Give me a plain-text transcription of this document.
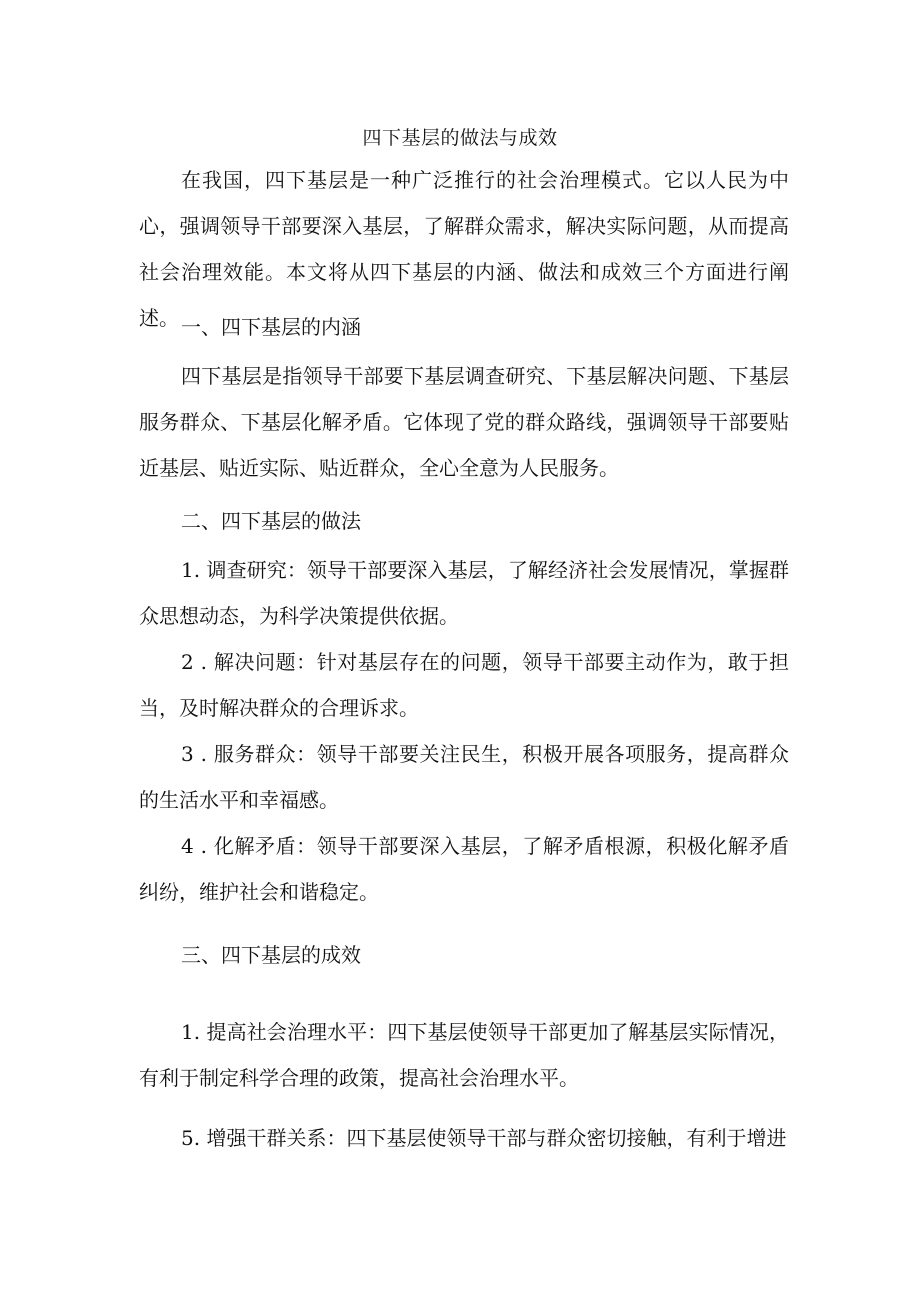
四下基层的做法与成效

在我国，四下基层是一种广泛推行的社会治理模式。它以人民为中心，强调领导干部要深入基层，了解群众需求，解决实际问题，从而提高社会治理效能。本文将从四下基层的内涵、做法和成效三个方面进行阐述。 一、四下基层的内涵

四下基层是指领导干部要下基层调查研究、下基层解决问题、下基层服务群众、下基层化解矛盾。它体现了党的群众路线，强调领导干部要贴近基层、贴近实际、贴近群众，全心全意为人民服务。

二、四下基层的做法

1. 调查研究：领导干部要深入基层，了解经济社会发展情况，掌握群众思想动态，为科学决策提供依据。

2 . 解决问题：针对基层存在的问题，领导干部要主动作为，敢于担当，及时解决群众的合理诉求。

3 . 服务群众：领导干部要关注民生，积极开展各项服务，提高群众的生活水平和幸福感。

4 . 化解矛盾：领导干部要深入基层，了解矛盾根源，积极化解矛盾纠纷，维护社会和谐稳定。

三、四下基层的成效

1. 提高社会治理水平：四下基层使领导干部更加了解基层实际情况，有利于制定科学合理的政策，提高社会治理水平。

5. 增强干群关系：四下基层使领导干部与群众密切接触，有利于增进
